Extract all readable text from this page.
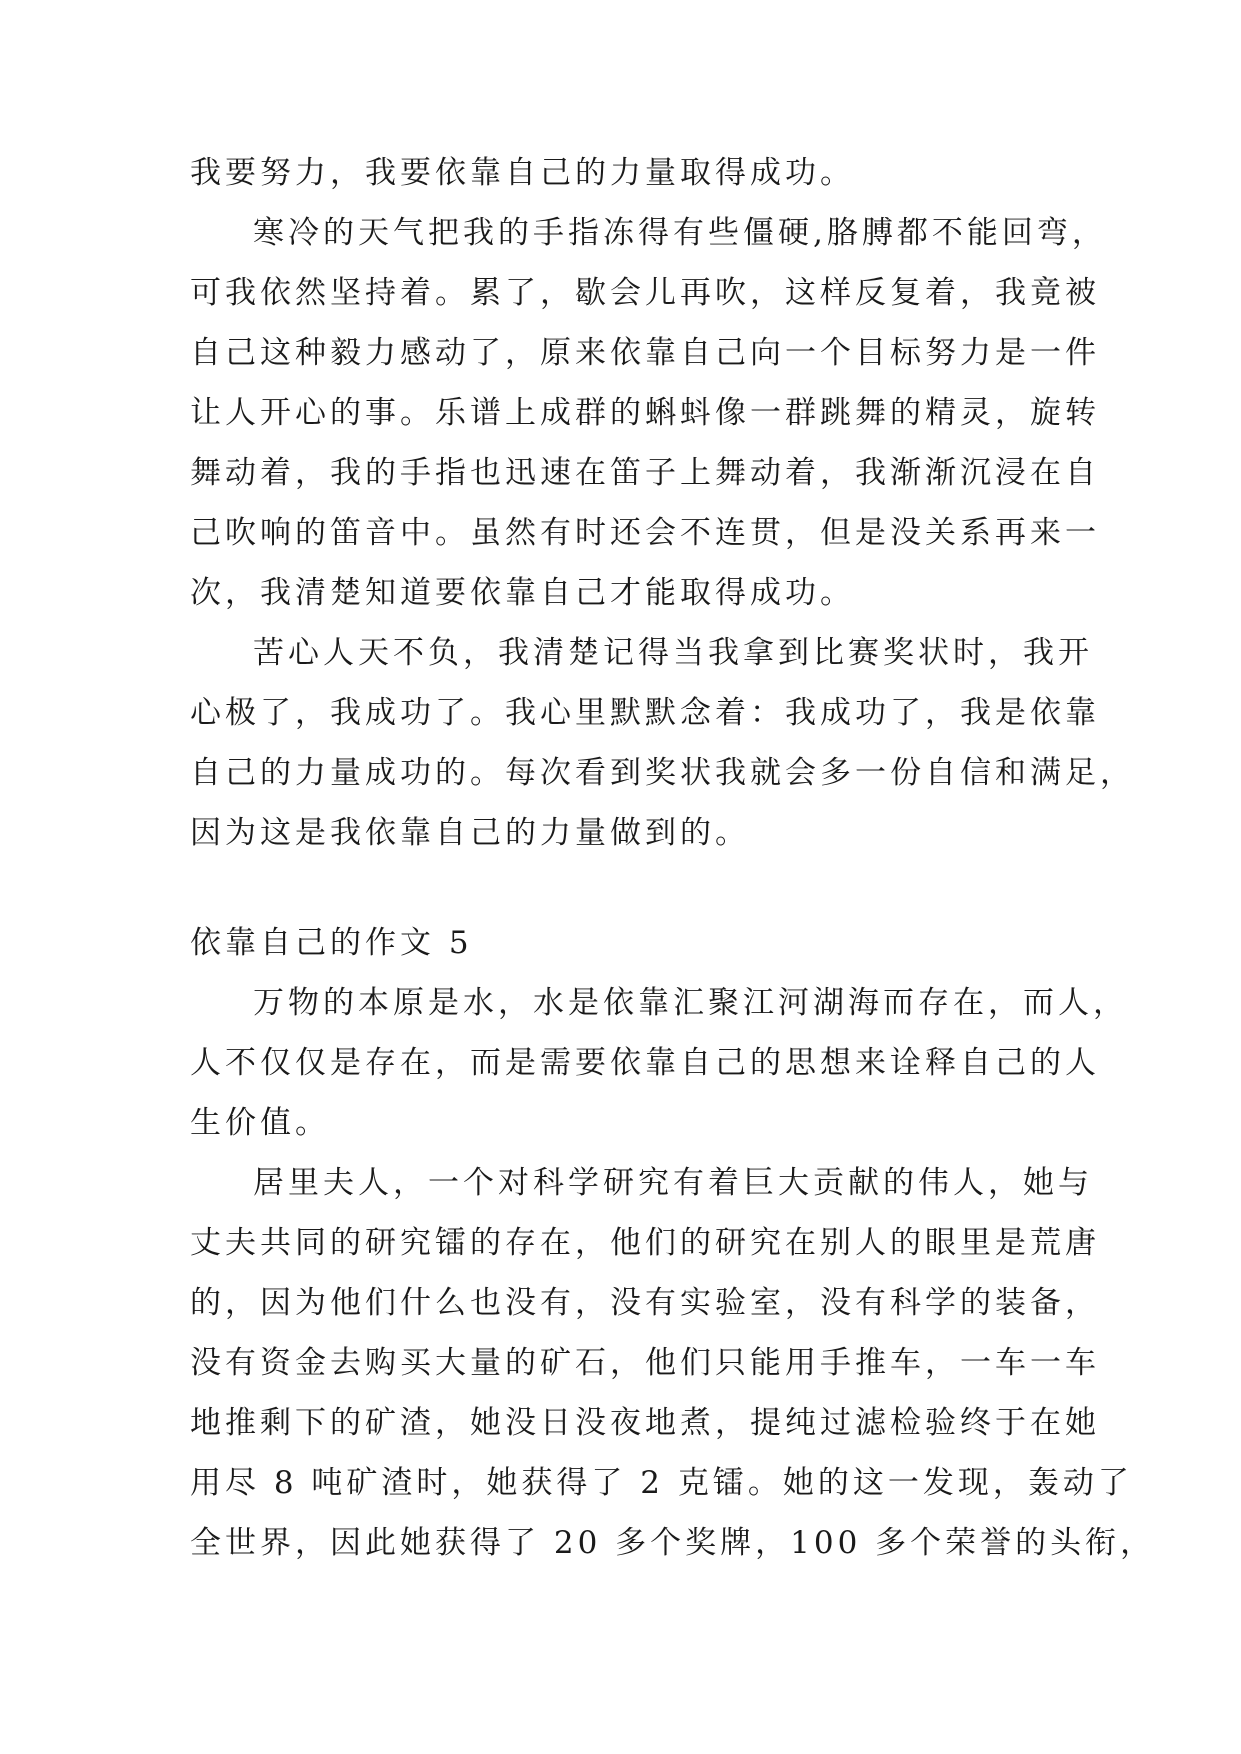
我要努力，我要依靠自己的力量取得成功。

寒冷的天气把我的手指冻得有些僵硬,胳膊都不能回弯，

可我依然坚持着。累了，歇会儿再吹，这样反复着，我竟被

自己这种毅力感动了，原来依靠自己向一个目标努力是一件

让人开心的事。乐谱上成群的蝌蚪像一群跳舞的精灵，旋转

舞动着，我的手指也迅速在笛子上舞动着，我渐渐沉浸在自

己吹响的笛音中。虽然有时还会不连贯，但是没关系再来一

次，我清楚知道要依靠自己才能取得成功。

苦心人天不负，我清楚记得当我拿到比赛奖状时，我开

心极了，我成功了。我心里默默念着：我成功了，我是依靠

自己的力量成功的。每次看到奖状我就会多一份自信和满足，

因为这是我依靠自己的力量做到的。

依靠自己的作文 5

万物的本原是水，水是依靠汇聚江河湖海而存在，而人，

人不仅仅是存在，而是需要依靠自己的思想来诠释自己的人

生价值。

居里夫人，一个对科学研究有着巨大贡献的伟人，她与

丈夫共同的研究镭的存在，他们的研究在别人的眼里是荒唐

的，因为他们什么也没有，没有实验室，没有科学的装备，

没有资金去购买大量的矿石，他们只能用手推车，一车一车

地推剩下的矿渣，她没日没夜地煮，提纯过滤检验终于在她

用尽 8 吨矿渣时，她获得了 2 克镭。她的这一发现，轰动了

全世界，因此她获得了 20 多个奖牌，100 多个荣誉的头衔，
